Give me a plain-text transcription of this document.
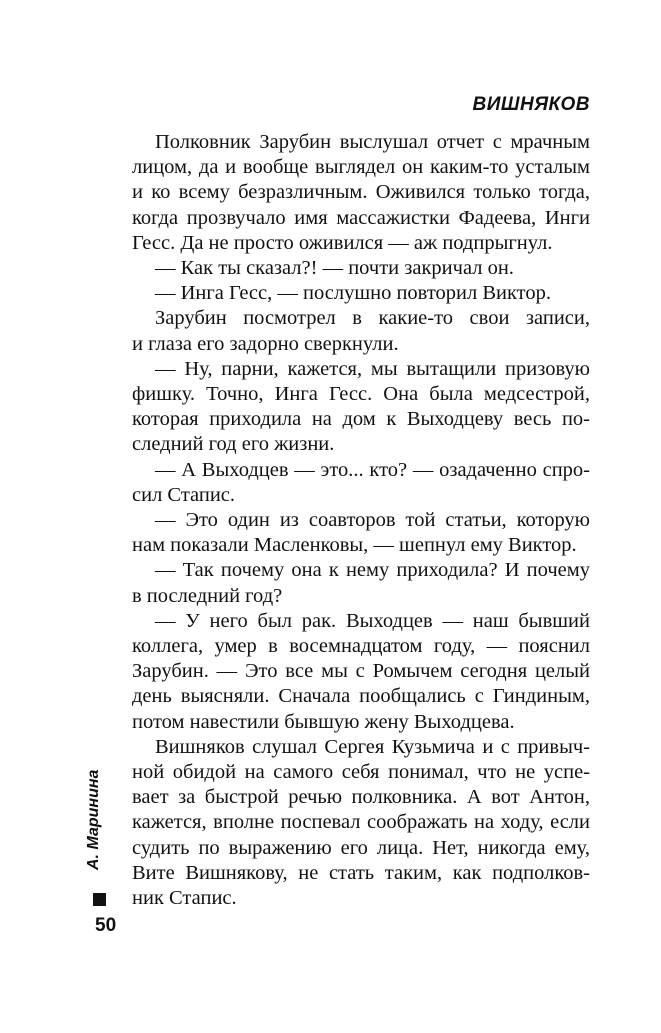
ВИШНЯКОВ
Полковник Зарубин выслушал отчет с мрачным
лицом, да и вообще выглядел он каким-то усталым
и ко всему безразличным. Оживился только тогда,
когда прозвучало имя массажистки Фадеева, Инги
Гесс. Да не просто оживился — аж подпрыгнул.
— Как ты сказал?! — почти закричал он.
— Инга Гесс, — послушно повторил Виктор.
Зарубин посмотрел в какие-то свои записи,
и глаза его задорно сверкнули.
— Ну, парни, кажется, мы вытащили призовую
фишку. Точно, Инга Гесс. Она была медсестрой,
которая приходила на дом к Выходцеву весь по-
следний год его жизни.
— А Выходцев — это... кто? — озадаченно спро-
сил Стапис.
— Это один из соавторов той статьи, которую
нам показали Масленковы, — шепнул ему Виктор.
— Так почему она к нему приходила? И почему
в последний год?
— У него был рак. Выходцев — наш бывший
коллега, умер в восемнадцатом году, — пояснил
Зарубин. — Это все мы с Ромычем сегодня целый
день выясняли. Сначала пообщались с Гиндиным,
потом навестили бывшую жену Выходцева.
Вишняков слушал Сергея Кузьмича и с привыч-
ной обидой на самого себя понимал, что не успе-
вает за быстрой речью полковника. А вот Антон,
кажется, вполне поспевал соображать на ходу, если
судить по выражению его лица. Нет, никогда ему,
Вите Вишнякову, не стать таким, как подполков-
ник Стапис.
А. Маринина
50
